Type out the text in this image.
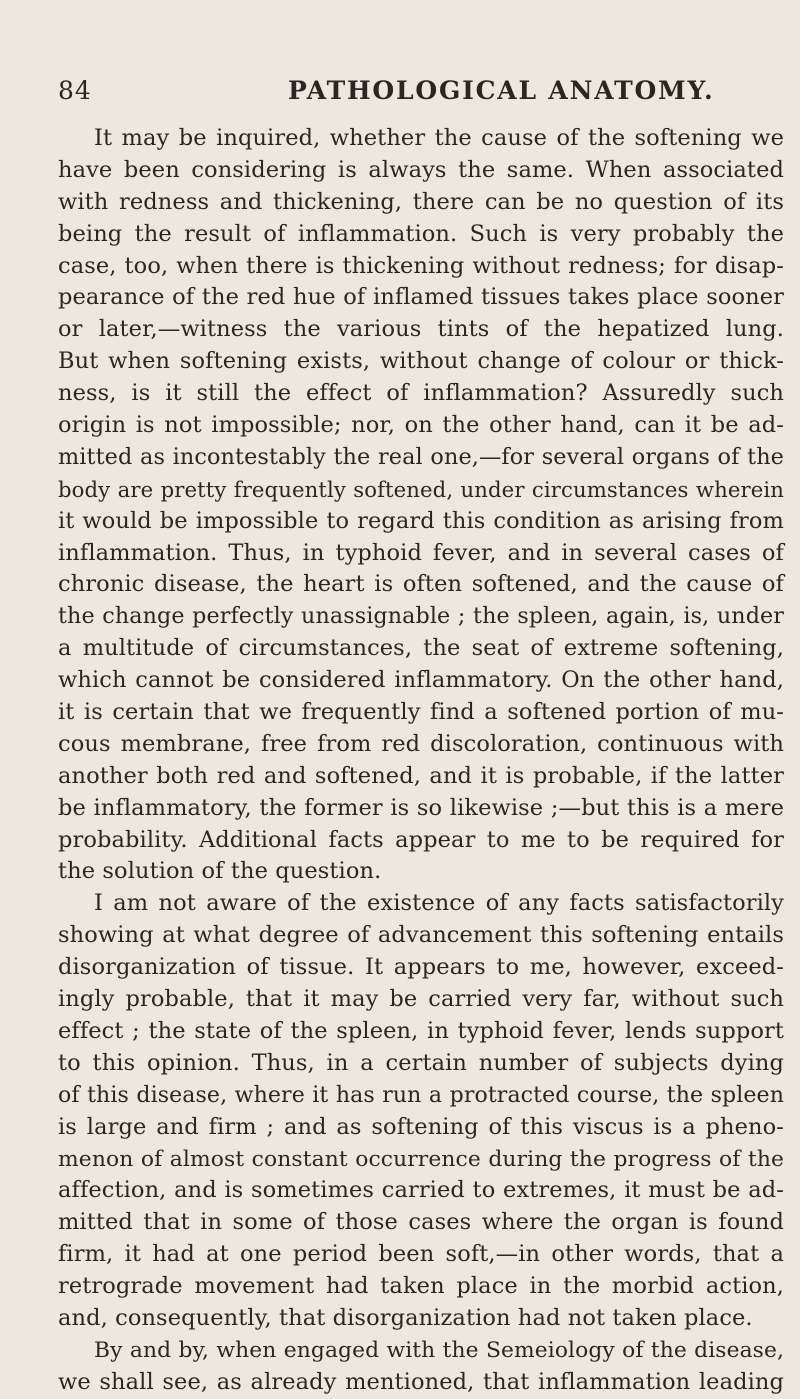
84	PATHOLOGICAL ANATOMY.
It may be inquired, whether the cause of the softening we
have been considering is always the same. When associated
with redness and thickening, there can be no question of its
being the result of inflammation. Such is very probably the
case, too, when there is thickening without redness; for disap-
pearance of the red hue of inflamed tissues takes place sooner
or later,—witness the various tints of the hepatized lung.
But when softening exists, without change of colour or thick-
ness, is it still the effect of inflammation? Assuredly such
origin is not impossible; nor, on the other hand, can it be ad-
mitted as incontestably the real one,—for several organs of the
body are pretty frequently softened, under circumstances wherein
it would be impossible to regard this condition as arising from
inflammation. Thus, in typhoid fever, and in several cases of
chronic disease, the heart is often softened, and the cause of
the change perfectly unassignable ; the spleen, again, is, under
a multitude of circumstances, the seat of extreme softening,
which cannot be considered inflammatory. On the other hand,
it is certain that we frequently find a softened portion of mu-
cous membrane, free from red discoloration, continuous with
another both red and softened, and it is probable, if the latter
be inflammatory, the former is so likewise ;—but this is a mere
probability. Additional facts appear to me to be required for
the solution of the question.
I am not aware of the existence of any facts satisfactorily
showing at what degree of advancement this softening entails
disorganization of tissue. It appears to me, however, exceed-
ingly probable, that it may be carried very far, without such
effect ; the state of the spleen, in typhoid fever, lends support
to this opinion. Thus, in a certain number of subjects dying
of this disease, where it has run a protracted course, the spleen
is large and firm ; and as softening of this viscus is a pheno-
menon of almost constant occurrence during the progress of the
affection, and is sometimes carried to extremes, it must be ad-
mitted that in some of those cases where the organ is found
firm, it had at one period been soft,—in other words, that a
retrograde movement had taken place in the morbid action,
and, consequently, that disorganization had not taken place.
By and by, when engaged with the Semeiology of the disease,
we shall see, as already mentioned, that inflammation leading
